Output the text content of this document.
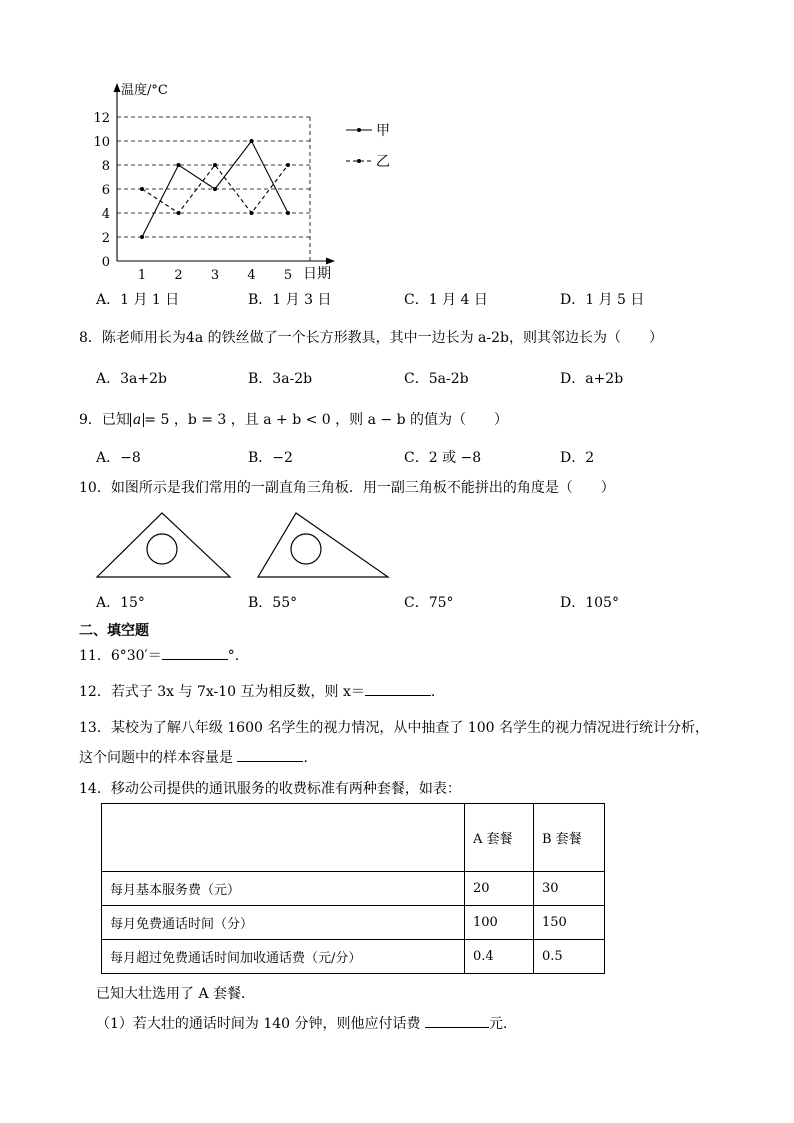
0
2
4
6
8
10
12
1 2 3 4 5
温度/°C
日期
甲
乙
A．1 月 1 日	B．1 月 3 日	C．1 月 4 日	D．1 月 5 日
8．陈老师用长为4a 的铁丝做了一个长方形教具，其中一边长为 a-2b，则其邻边长为（　　）
A．3a+2b	B．3a-2b	C．5a-2b	D．a+2b
9．已知 a = 5 ，b = 3 ，且 a + b < 0 ，则 a − b 的值为（　　）
A．−8	B．−2	C．2 或 −8	D．2
10．如图所示是我们常用的一副直角三角板．用一副三角板不能拼出的角度是（　　）
A．15°	B．55°	C．75°	D．105°
二、填空题
11．6°30′＝	°.
12．若式子 3x 与 7x-10 互为相反数，则 x＝	.
13．某校为了解八年级 1600 名学生的视力情况，从中抽查了 100 名学生的视力情况进行统计分析，
这个问题中的样本容量是	.
14．移动公司提供的通讯服务的收费标准有两种套餐，如表：
	A 套餐	B 套餐
每月基本服务费（元）	20	30
每月免费通话时间（分）	100	150
每月超过免费通话时间加收通话费（元/分）	0.4	0.5
已知大壮选用了 A 套餐．
（1）若大壮的通话时间为 140 分钟，则他应付话费	元．
